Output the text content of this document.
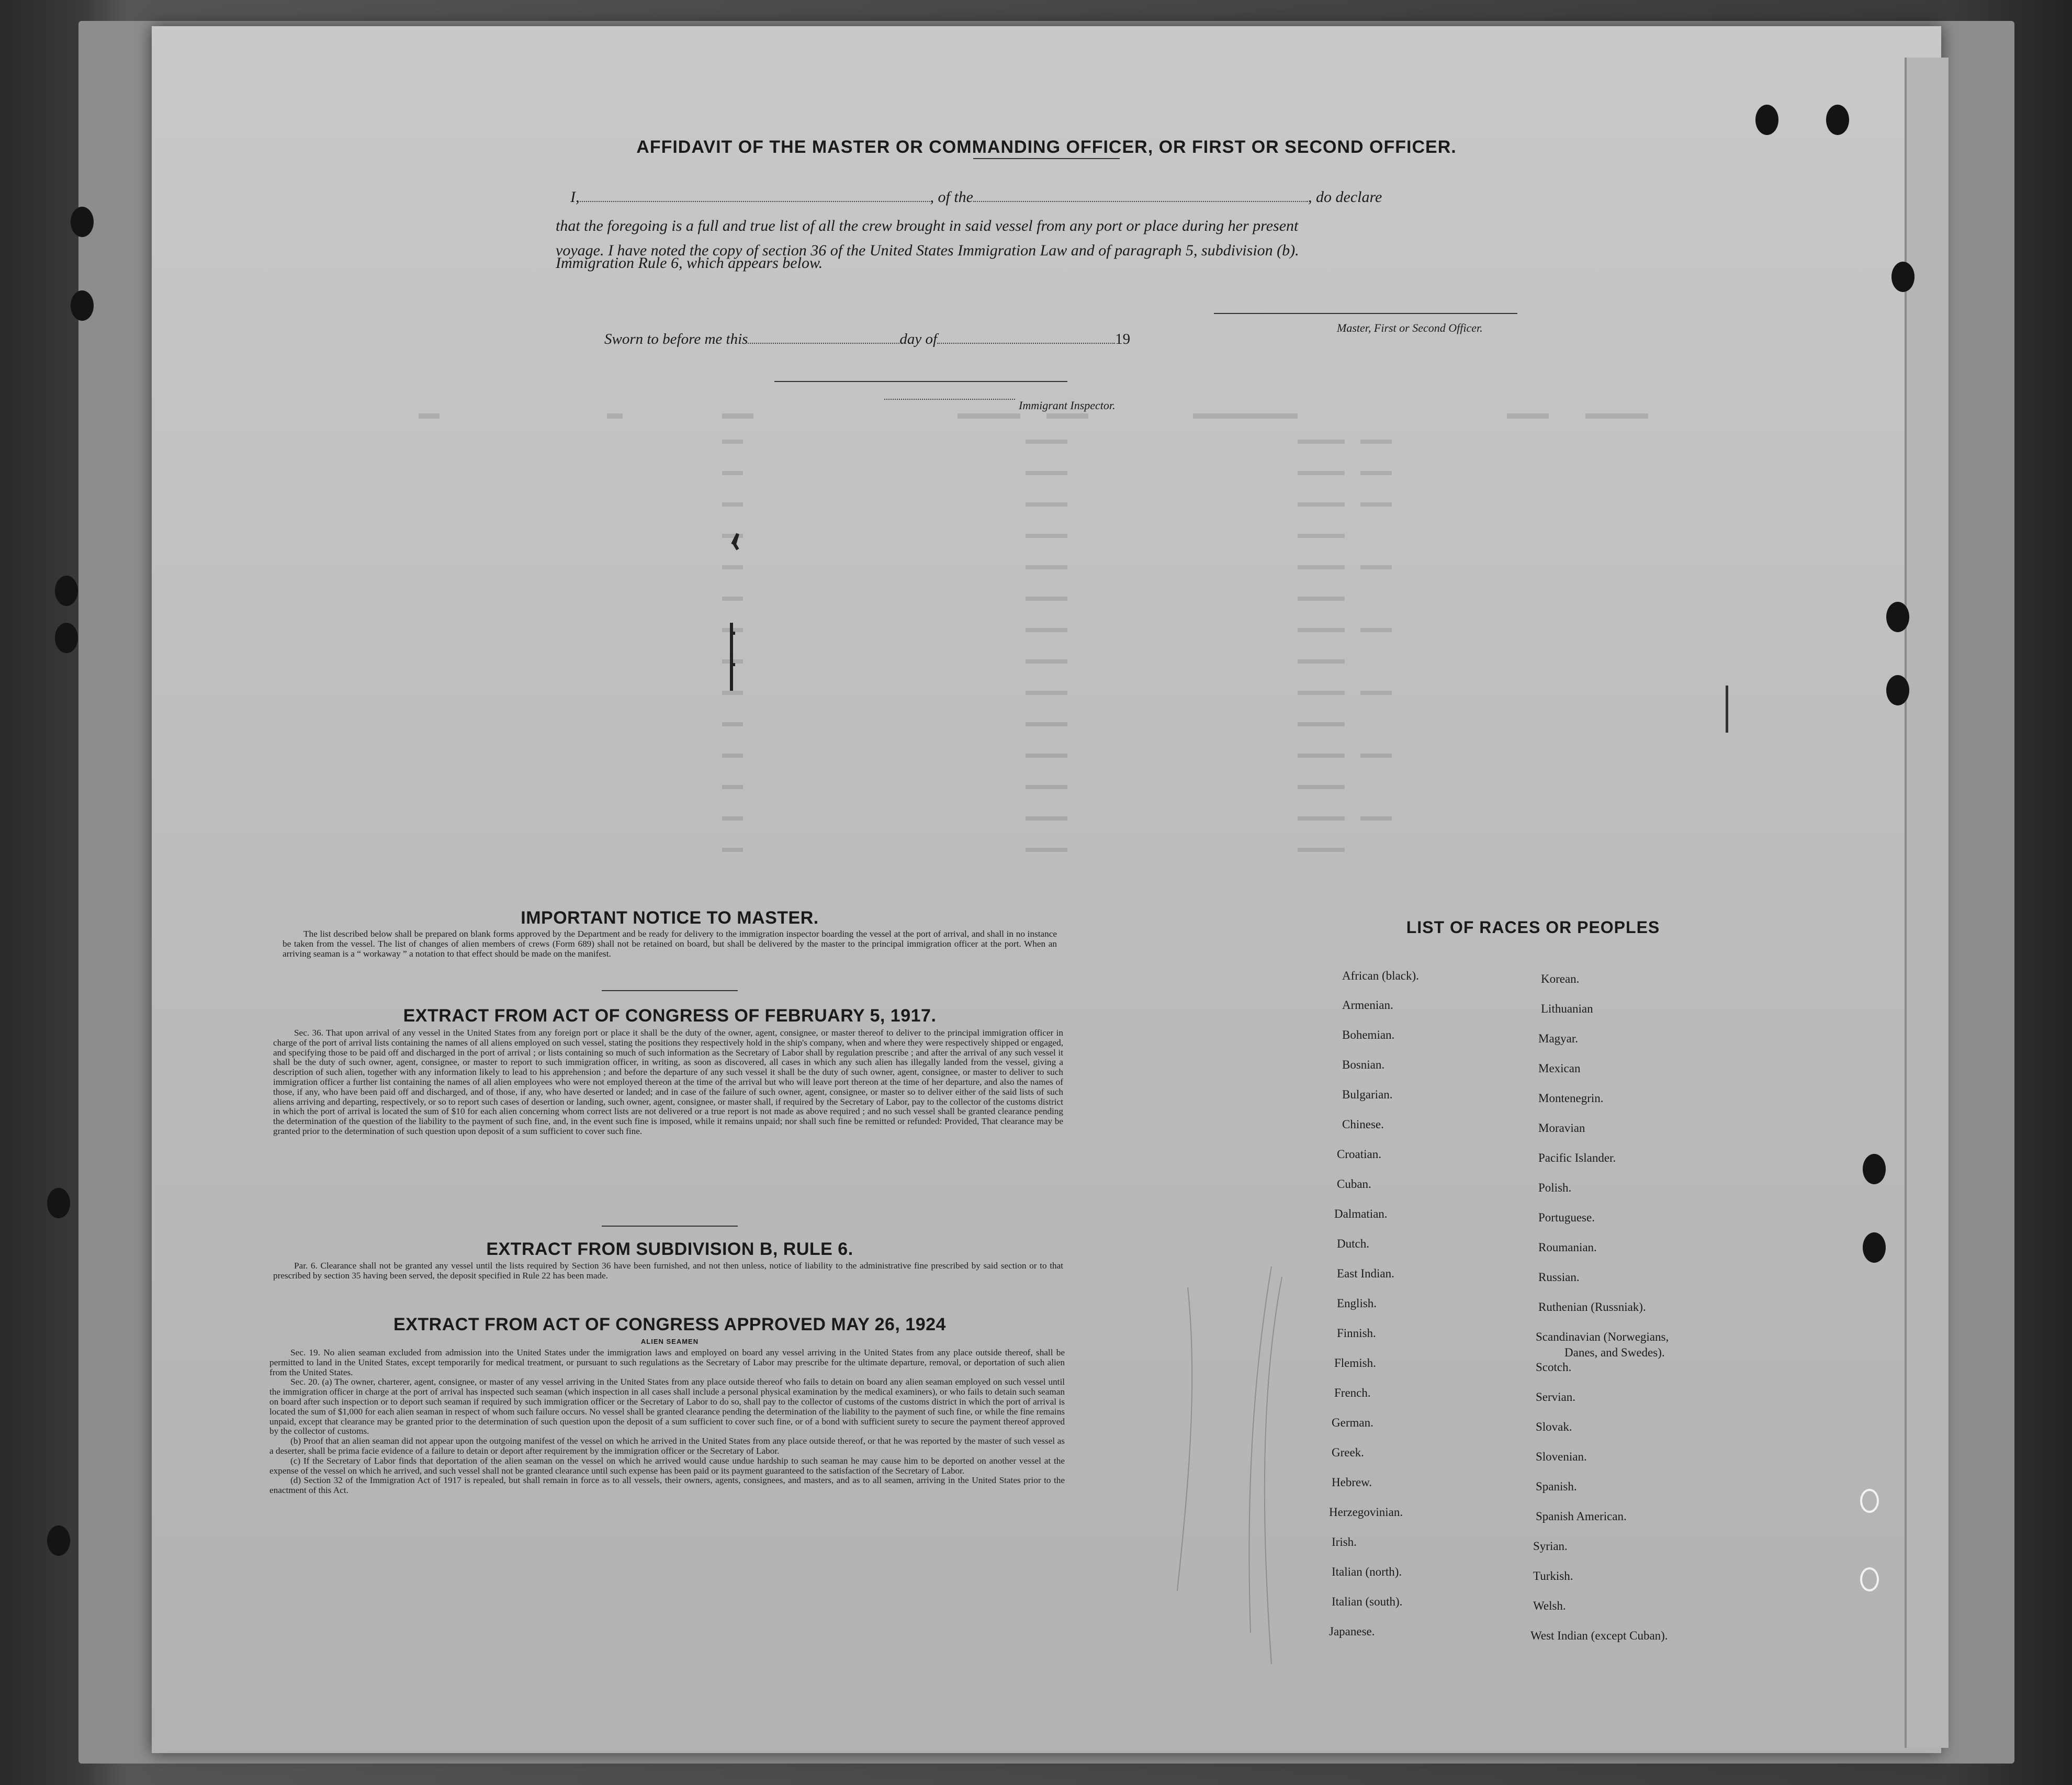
AFFIDAVIT OF THE MASTER OR COMMANDING OFFICER, OR FIRST OR SECOND OFFICER.
I,	, of the	, do declare
that the foregoing is a full and true list of all the crew brought in said vessel from any port or place during her present
voyage. I have noted the copy of section 36 of the United States Immigration Law and of paragraph 5, subdivision (b).
Immigration Rule 6, which appears below.
Master, First or Second Officer.
Sworn to before me this	day of	19
Immigrant Inspector.
IMPORTANT NOTICE TO MASTER.

The list described below shall be prepared on blank forms approved by the Department and be ready for delivery to the immigration inspector boarding the vessel at the port of arrival, and shall in no instance be taken from the vessel. The list of changes of alien members of crews (Form 689) shall not be retained on board, but shall be delivered by the master to the principal immigration officer at the port. When an arriving seaman is a “ workaway ” a notation to that effect should be made on the manifest.

EXTRACT FROM ACT OF CONGRESS OF FEBRUARY 5, 1917.

Sec. 36. That upon arrival of any vessel in the United States from any foreign port or place it shall be the duty of the owner, agent, consignee, or master thereof to deliver to the principal immigration officer in charge of the port of arrival lists containing the names of all aliens employed on such vessel, stating the positions they respectively hold in the ship's company, when and where they were respectively shipped or engaged, and specifying those to be paid off and discharged in the port of arrival ; or lists containing so much of such information as the Secretary of Labor shall by regulation prescribe ; and after the arrival of any such vessel it shall be the duty of such owner, agent, consignee, or master to report to such immigration officer, in writing, as soon as discovered, all cases in which any such alien has illegally landed from the vessel, giving a description of such alien, together with any information likely to lead to his apprehension ; and before the departure of any such vessel it shall be the duty of such owner, agent, consignee, or master to deliver to such immigration officer a further list containing the names of all alien employees who were not employed thereon at the time of the arrival but who will leave port thereon at the time of her departure, and also the names of those, if any, who have been paid off and discharged, and of those, if any, who have deserted or landed; and in case of the failure of such owner, agent, consignee, or master so to deliver either of the said lists of such aliens arriving and departing, respectively, or so to report such cases of desertion or landing, such owner, agent, consignee, or master shall, if required by the Secretary of Labor, pay to the collector of the customs district in which the port of arrival is located the sum of $10 for each alien concerning whom correct lists are not delivered or a true report is not made as above required ; and no such vessel shall be granted clearance pending the determination of the question of the liability to the payment of such fine, and, in the event such fine is imposed, while it remains unpaid; nor shall such fine be remitted or refunded: Provided, That clearance may be granted prior to the determination of such question upon deposit of a sum sufficient to cover such fine.

EXTRACT FROM SUBDIVISION B, RULE 6.

Par. 6. Clearance shall not be granted any vessel until the lists required by Section 36 have been furnished, and not then unless, notice of liability to the administrative fine prescribed by said section or to that prescribed by section 35 having been served, the deposit specified in Rule 22 has been made.

EXTRACT FROM ACT OF CONGRESS APPROVED MAY 26, 1924
ALIEN SEAMEN

Sec. 19. No alien seaman excluded from admission into the United States under the immigration laws and employed on board any vessel arriving in the United States from any place outside thereof, shall be permitted to land in the United States, except temporarily for medical treatment, or pursuant to such regulations as the Secretary of Labor may prescribe for the ultimate departure, removal, or deportation of such alien from the United States.

Sec. 20. (a) The owner, charterer, agent, consignee, or master of any vessel arriving in the United States from any place outside thereof who fails to detain on board any alien seaman employed on such vessel until the immigration officer in charge at the port of arrival has inspected such seaman (which inspection in all cases shall include a personal physical examination by the medical examiners), or who fails to detain such seaman on board after such inspection or to deport such seaman if required by such immigration officer or the Secretary of Labor to do so, shall pay to the collector of customs of the customs district in which the port of arrival is located the sum of $1,000 for each alien seaman in respect of whom such failure occurs. No vessel shall be granted clearance pending the determination of the liability to the payment of such fine, or while the fine remains unpaid, except that clearance may be granted prior to the determination of such question upon the deposit of a sum sufficient to cover such fine, or of a bond with sufficient surety to secure the payment thereof approved by the collector of customs.

(b) Proof that an alien seaman did not appear upon the outgoing manifest of the vessel on which he arrived in the United States from any place outside thereof, or that he was reported by the master of such vessel as a deserter, shall be prima facie evidence of a failure to detain or deport after requirement by the immigration officer or the Secretary of Labor.

(c) If the Secretary of Labor finds that deportation of the alien seaman on the vessel on which he arrived would cause undue hardship to such seaman he may cause him to be deported on another vessel at the expense of the vessel on which he arrived, and such vessel shall not be granted clearance until such expense has been paid or its payment guaranteed to the satisfaction of the Secretary of Labor.

(d) Section 32 of the Immigration Act of 1917 is repealed, but shall remain in force as to all vessels, their owners, agents, consignees, and masters, and as to all seamen, arriving in the United States prior to the enactment of this Act.

LIST OF RACES OR PEOPLES
African (black).
Armenian.
Bohemian.
Bosnian.
Bulgarian.
Chinese.
Croatian.
Cuban.
Dalmatian.
Dutch.
East Indian.
English.
Finnish.
Flemish.
French.
German.
Greek.
Hebrew.
Herzegovinian.
Irish.
Italian (north).
Italian (south).
Japanese.
Korean.
Lithuanian
Magyar.
Mexican
Montenegrin.
Moravian
Pacific Islander.
Polish.
Portuguese.
Roumanian.
Russian.
Ruthenian (Russniak).
Scandinavian (Norwegians,
Danes, and Swedes).
Scotch.
Servian.
Slovak.
Slovenian.
Spanish.
Spanish American.
Syrian.
Turkish.
Welsh.
West Indian (except Cuban).
